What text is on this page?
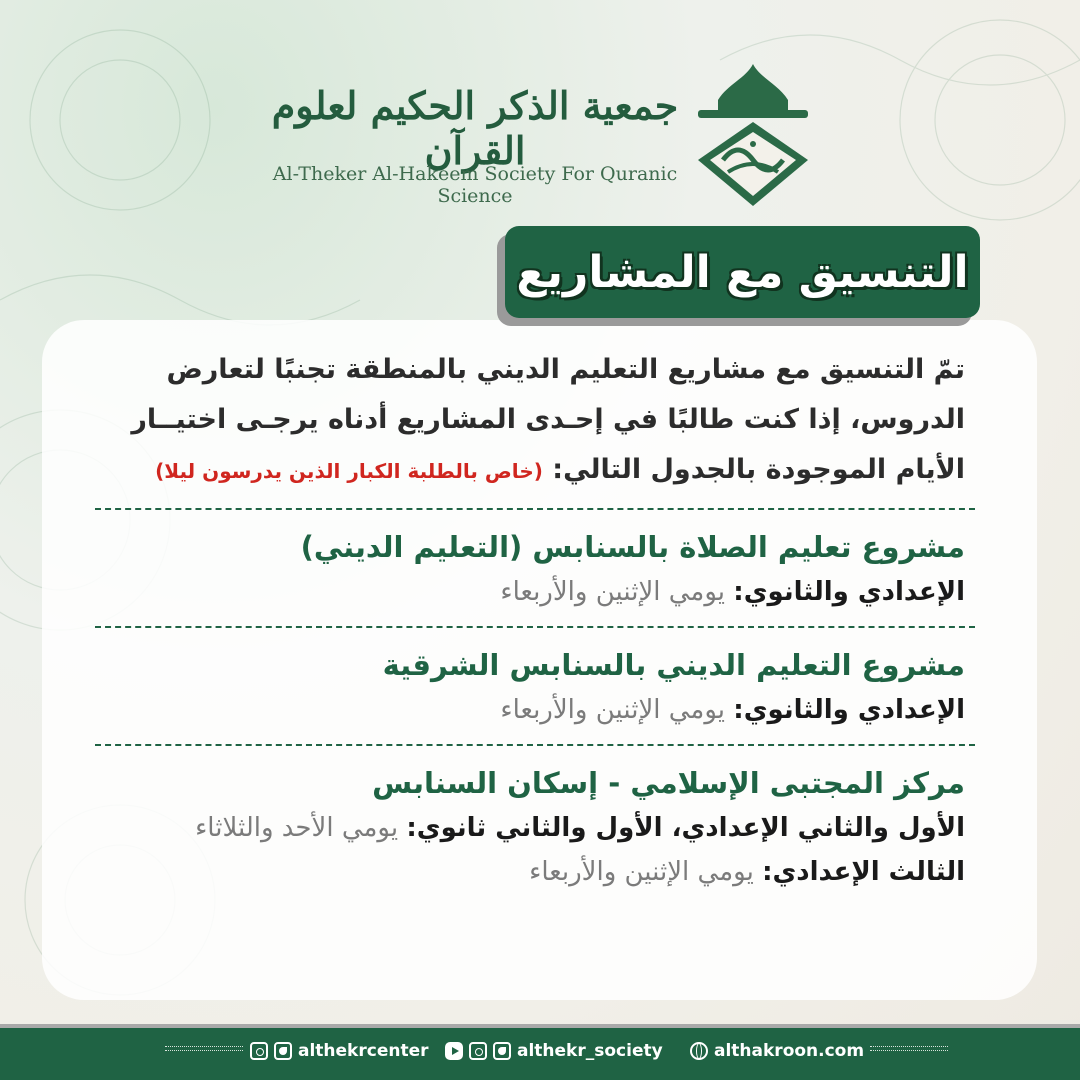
جمعية الذكر الحكيم لعلوم القرآن
Al-Theker Al-Hakeem Society For Quranic Science
التنسيق مع المشاريع

تمّ التنسيق مع مشاريع التعليم الديني بالمنطقة تجنبًا لتعارض

الدروس، إذا كنت طالبًا في إحـدى المشاريع أدناه يرجـى اختيــار

الأيام الموجودة بالجدول التالي: (خاص بالطلبة الكبار الذين يدرسون ليلا)

مشروع تعليم الصلاة بالسنابس (التعليم الديني)
الإعدادي والثانوي: يومي الإثنين والأربعاء
مشروع التعليم الديني بالسنابس الشرقية
الإعدادي والثانوي: يومي الإثنين والأربعاء
مركز المجتبى الإسلامي - إسكان السنابس
الأول والثاني الإعدادي، الأول والثاني ثانوي: يومي الأحد والثلاثاء
الثالث الإعدادي: يومي الإثنين والأربعاء
althekrcenter	althekr_society	althakroon.com
